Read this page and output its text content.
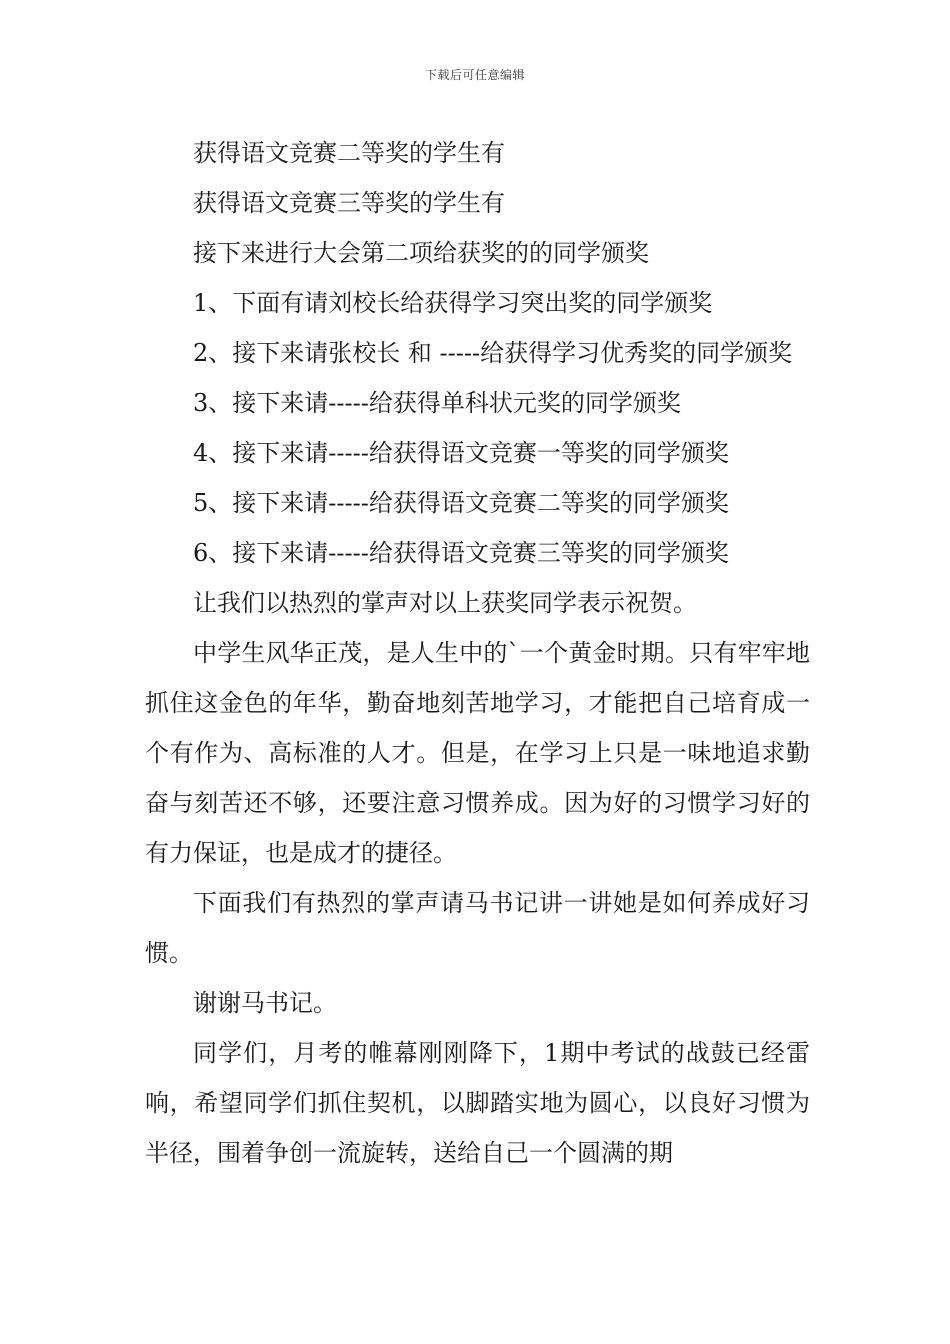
下载后可任意编辑

获得语文竞赛二等奖的学生有

获得语文竞赛三等奖的学生有

接下来进行大会第二项给获奖的的同学颁奖

1、下面有请刘校长给获得学习突出奖的同学颁奖

2、接下来请张校长 和 -----给获得学习优秀奖的同学颁奖

3、接下来请-----给获得单科状元奖的同学颁奖

4、接下来请-----给获得语文竞赛一等奖的同学颁奖

5、接下来请-----给获得语文竞赛二等奖的同学颁奖

6、接下来请-----给获得语文竞赛三等奖的同学颁奖

让我们以热烈的掌声对以上获奖同学表示祝贺。

中学生风华正茂，是人生中的`一个黄金时期。只有牢牢地抓住这金色的年华，勤奋地刻苦地学习，才能把自己培育成一个有作为、高标准的人才。但是，在学习上只是一味地追求勤奋与刻苦还不够，还要注意习惯养成。因为好的习惯学习好的有力保证，也是成才的捷径。

下面我们有热烈的掌声请马书记讲一讲她是如何养成好习惯。

谢谢马书记。

同学们，月考的帷幕刚刚降下，1期中考试的战鼓已经雷响，希望同学们抓住契机，以脚踏实地为圆心，以良好习惯为半径，围着争创一流旋转，送给自己一个圆满的期
